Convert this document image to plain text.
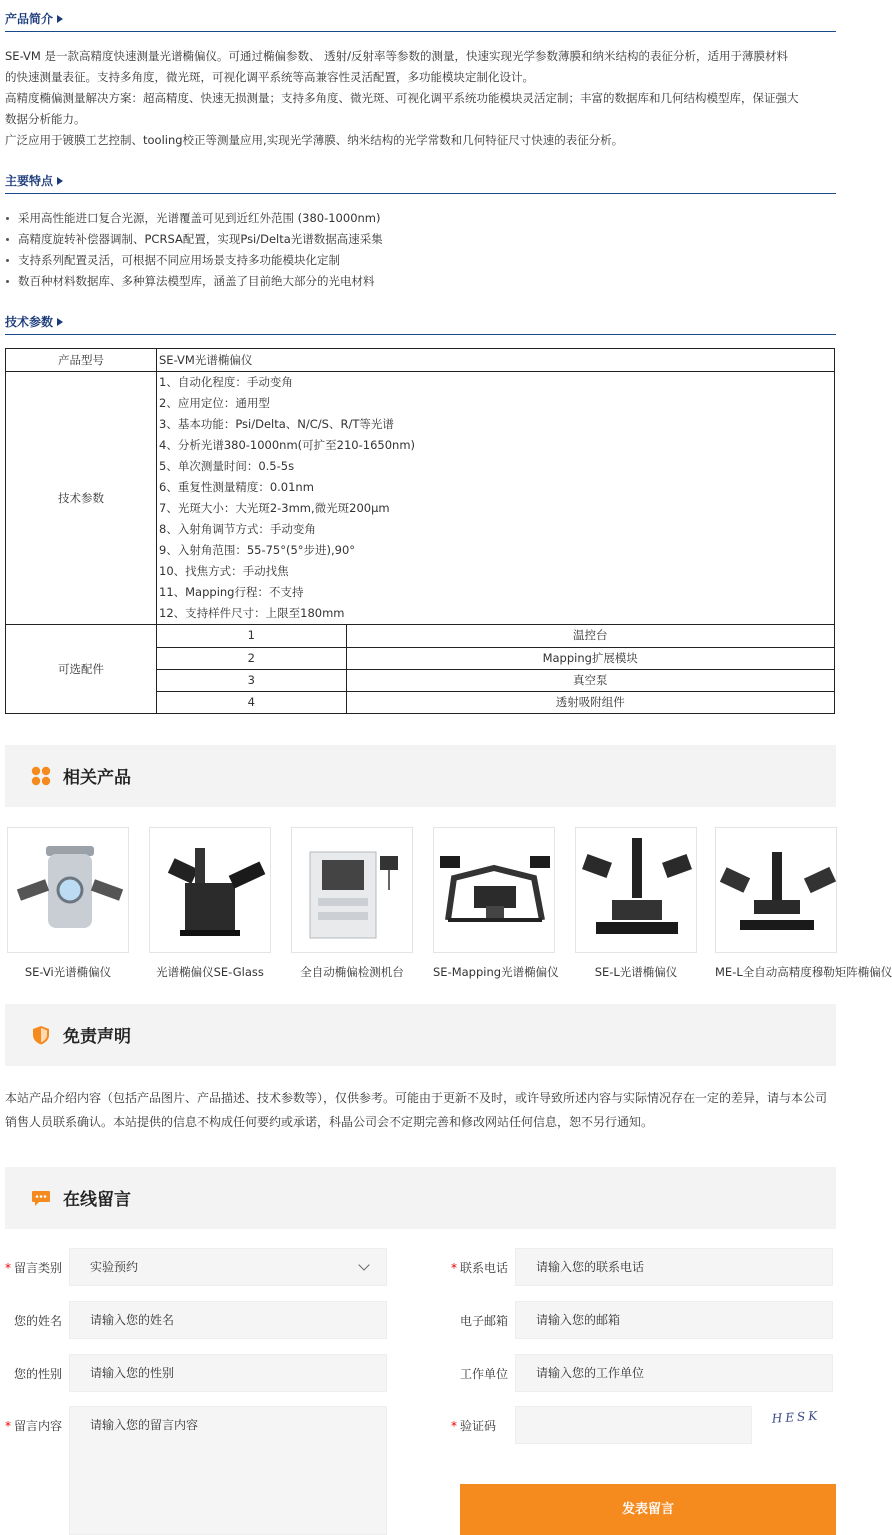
产品简介
SE-VM 是一款高精度快速测量光谱椭偏仪。可通过椭偏参数、 透射/反射率等参数的测量，快速实现光学参数薄膜和纳米结构的表征分析，适用于薄膜材料
的快速测量表征。支持多角度，微光斑，可视化调平系统等高兼容性灵活配置，多功能模块定制化设计。
高精度椭偏测量解决方案：超高精度、快速无损测量；支持多角度、微光斑、可视化调平系统功能模块灵活定制；丰富的数据库和几何结构模型库，保证强大
数据分析能力。
广泛应用于镀膜工艺控制、tooling校正等测量应用,实现光学薄膜、纳米结构的光学常数和几何特征尺寸快速的表征分析。
主要特点
采用高性能进口复合光源，光谱覆盖可见到近红外范围 (380-1000nm)
高精度旋转补偿器调制、PCRSA配置，实现Psi/Delta光谱数据高速采集
支持系列配置灵活，可根据不同应用场景支持多功能模块化定制
数百种材料数据库、多种算法模型库，涵盖了目前绝大部分的光电材料
技术参数
产品型号	SE-VM光谱椭偏仪
技术参数	
1、自动化程度：手动变角
2、应用定位：通用型
3、基本功能：Psi/Delta、N/C/S、R/T等光谱
4、分析光谱380-1000nm(可扩至210-1650nm)
5、单次测量时间：0.5-5s
6、重复性测量精度：0.01nm
7、光斑大小：大光斑2-3mm,微光斑200μm
8、入射角调节方式：手动变角
9、入射角范围：55-75°(5°步进),90°
10、找焦方式：手动找焦
11、Mapping行程：不支持
12、支持样件尺寸：上限至180mm

可选配件	
1	温控台
2	Mapping扩展模块
3	真空泵
4	透射吸附组件
相关产品
SE-Vi光谱椭偏仪	光谱椭偏仪SE-Glass	全自动椭偏检测机台	SE-Mapping光谱椭偏仪	SE-L光谱椭偏仪	ME-L全自动高精度穆勒矩阵椭偏仪
免责声明
本站产品介绍内容（包括产品图片、产品描述、技术参数等），仅供参考。可能由于更新不及时，或许导致所述内容与实际情况存在一定的差异，请与本公司销售人员联系确认。本站提供的信息不构成任何要约或承诺，科晶公司会不定期完善和修改网站任何信息，恕不另行通知。
在线留言
* 留言类别	实验预约
您的姓名	请输入您的姓名
您的性别	请输入您的性别
* 留言内容	请输入您的留言内容
* 联系电话	请输入您的联系电话
电子邮箱	请输入您的邮箱
工作单位	请输入您的工作单位
* 验证码
HESK
发表留言
